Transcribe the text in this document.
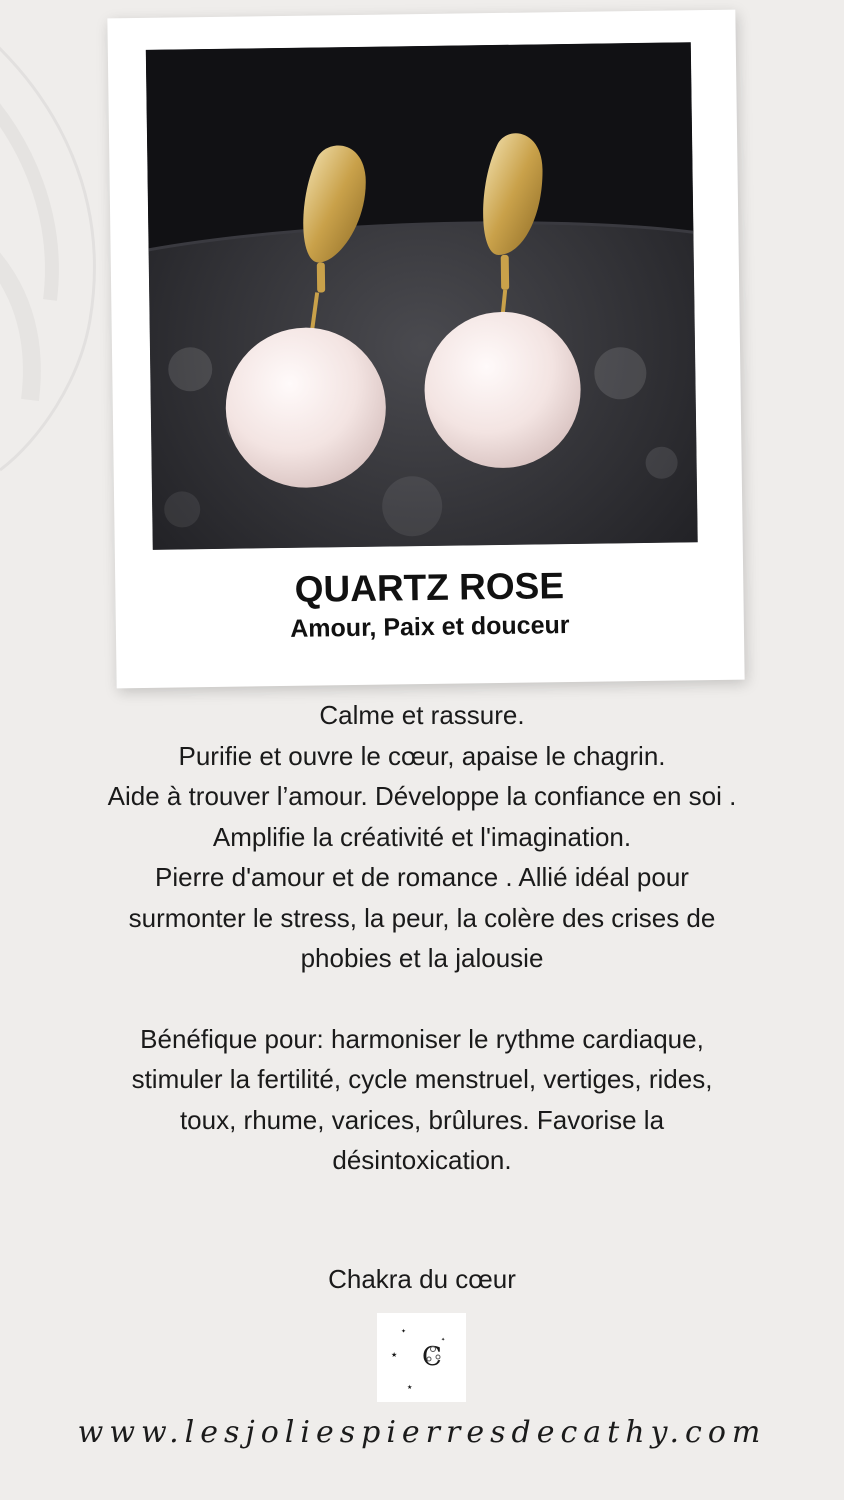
QUARTZ ROSE

Amour, Paix et douceur

Calme et rassure.

Purifie et ouvre le cœur, apaise le chagrin.

Aide à trouver l’amour. Développe la confiance en soi .

Amplifie la créativité et l'imagination.

Pierre d'amour et de romance . Allié idéal pour

surmonter le stress, la peur, la colère des crises de

phobies et la jalousie

Bénéfique pour: harmoniser le rythme cardiaque,

stimuler la fertilité, cycle menstruel, vertiges, rides,

toux, rhume, varices, brûlures. Favorise la

désintoxication.

Chakra du cœur
C
★
✦
★
✦
www.lesjoliespierresdecathy.com
